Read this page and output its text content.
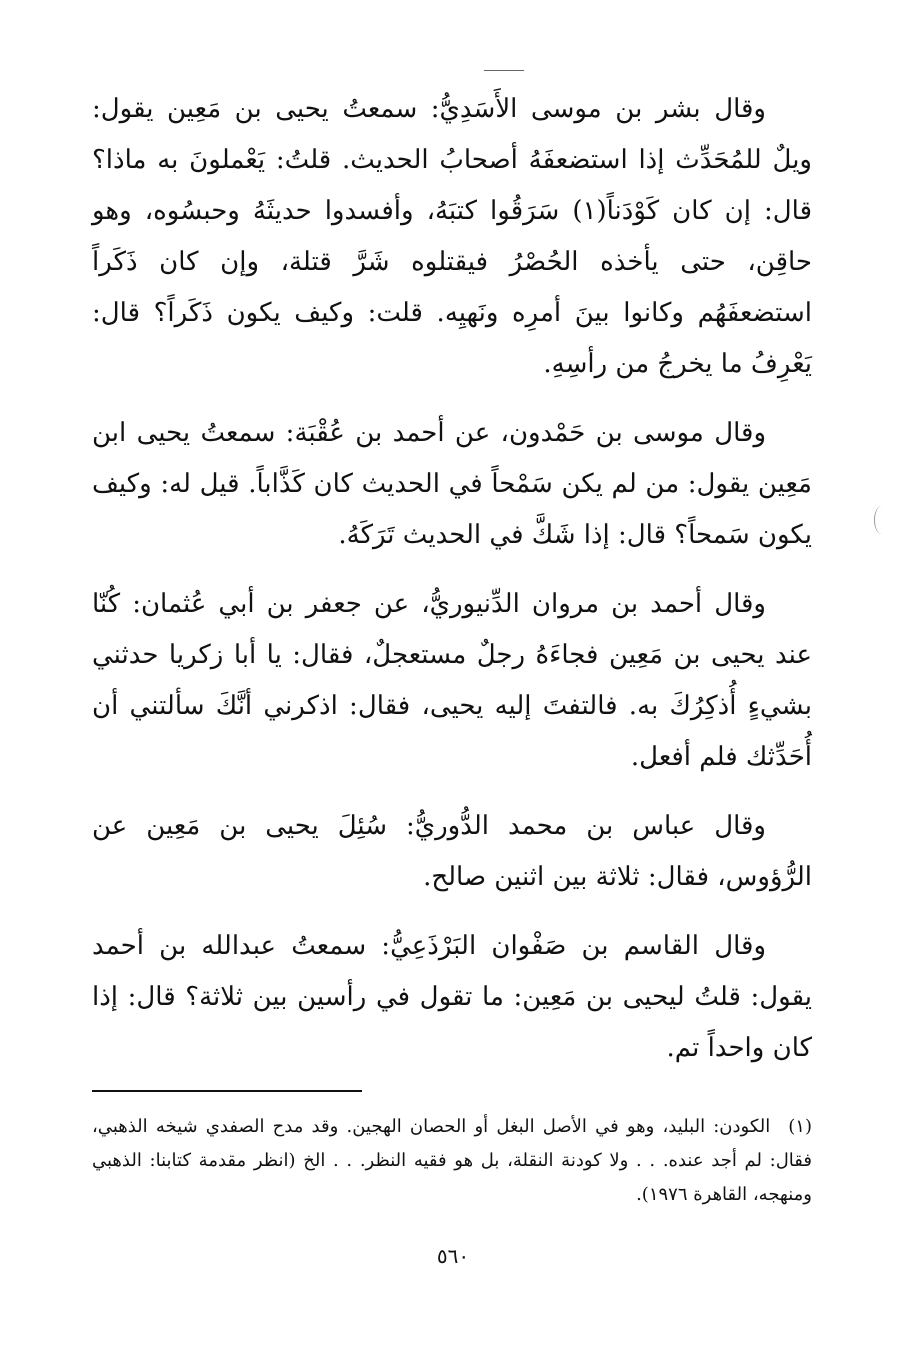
وقال بشر بن موسى الأَسَدِيُّ: سمعتُ يحيى بن مَعِين يقول: ويلٌ للمُحَدِّث إذا استضعفَهُ أصحابُ الحديث. قلتُ: يَعْملونَ به ماذا؟ قال: إن كان كَوْدَناً(١) سَرَقُوا كتبَهُ، وأفسدوا حديثَهُ وحبسُوه، وهو حاقِن، حتى يأخذه الحُصْرُ فيقتلوه شَرَّ قتلة، وإن كان ذَكَراً استضعفَهُم وكانوا بينَ أمرِه ونَهيِه. قلت: وكيف يكون ذَكَراً؟ قال: يَعْرِفُ ما يخرجُ من رأسِهِ.

وقال موسى بن حَمْدون، عن أحمد بن عُقْبَة: سمعتُ يحيى ابن مَعِين يقول: من لم يكن سَمْحاً في الحديث كان كَذَّاباً. قيل له: وكيف يكون سَمحاً؟ قال: إذا شَكَّ في الحديث تَرَكَهُ.

وقال أحمد بن مروان الدِّنيوريُّ، عن جعفر بن أبي عُثمان: كُنّا عند يحيى بن مَعِين فجاءَهُ رجلٌ مستعجلٌ، فقال: يا أبا زكريا حدثني بشيءٍ أُذكِرُكَ به. فالتفتَ إليه يحيى، فقال: اذكرني أنَّكَ سألتني أن أُحَدِّثك فلم أفعل.

وقال عباس بن محمد الدُّوريُّ: سُئِلَ يحيى بن مَعِين عن الرُّؤوس، فقال: ثلاثة بين اثنين صالح.

وقال القاسم بن صَفْوان البَرْذَعِيُّ: سمعتُ عبدالله بن أحمد يقول: قلتُ ليحيى بن مَعِين: ما تقول في رأسين بين ثلاثة؟ قال: إذا كان واحداً تم.

(١)الكودن: البليد، وهو في الأصل البغل أو الحصان الهجين. وقد مدح الصفدي شيخه الذهبي، فقال: لم أجد عنده. . . ولا كودنة النقلة، بل هو فقيه النظر. . . الخ (انظر مقدمة كتابنا: الذهبي ومنهجه، القاهرة ١٩٧٦).

٥٦٠
